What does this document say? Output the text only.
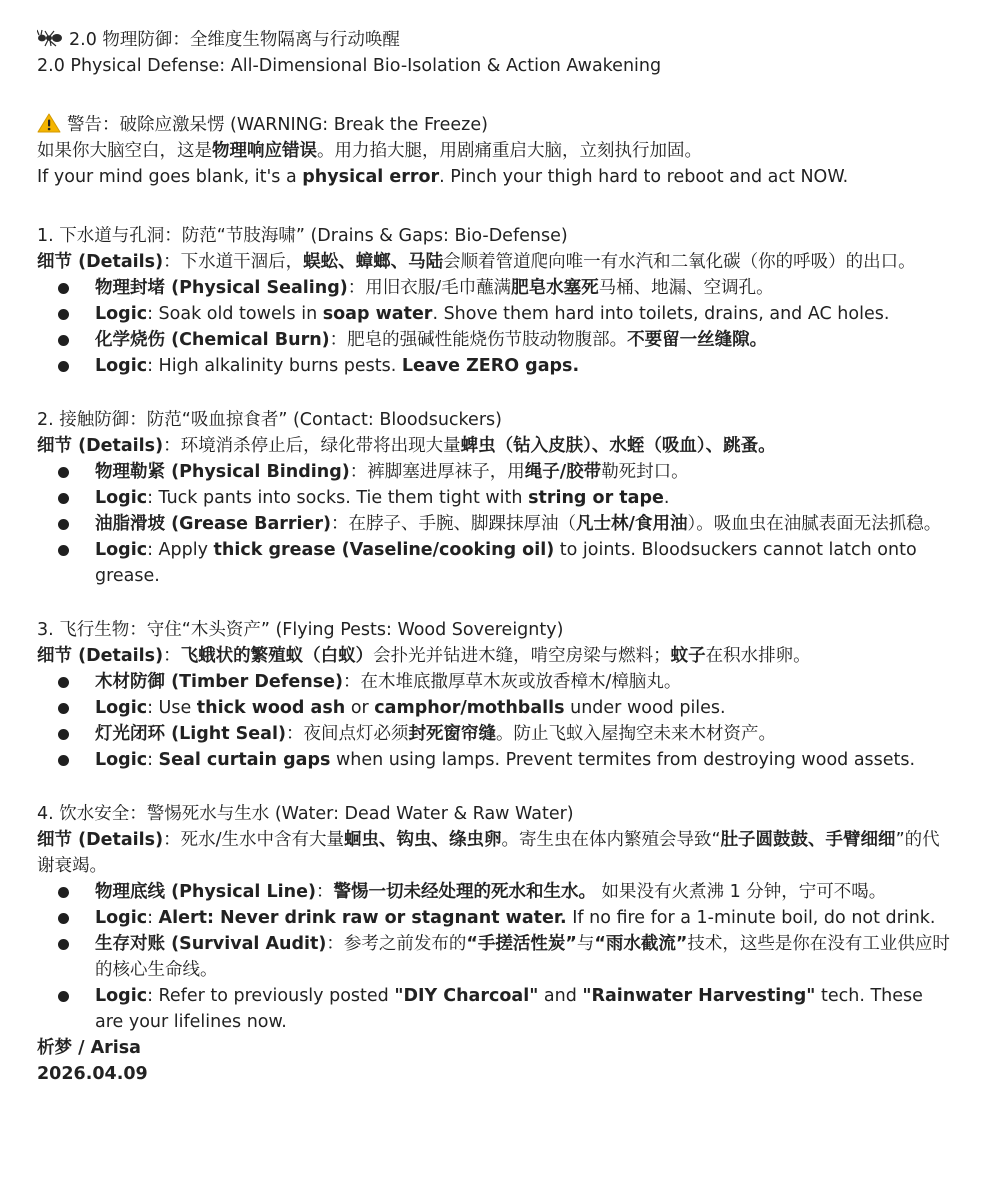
2.0 物理防御：全维度生物隔离与行动唤醒
2.0 Physical Defense: All-Dimensional Bio-Isolation & Action Awakening
警告：破除应激呆愣 (WARNING: Break the Freeze)
如果你大脑空白，这是物理响应错误。用力掐大腿，用剧痛重启大脑，立刻执行加固。
If your mind goes blank, it's a physical error. Pinch your thigh hard to reboot and act NOW.
1. 下水道与孔洞：防范“节肢海啸” (Drains & Gaps: Bio-Defense)
细节 (Details)：下水道干涸后，蜈蚣、蟑螂、马陆会顺着管道爬向唯一有水汽和二氧化碳（你的呼吸）的出口。
物理封堵 (Physical Sealing)：用旧衣服/毛巾蘸满肥皂水塞死马桶、地漏、空调孔。
Logic: Soak old towels in soap water. Shove them hard into toilets, drains, and AC holes.
化学烧伤 (Chemical Burn)：肥皂的强碱性能烧伤节肢动物腹部。不要留一丝缝隙。
Logic: High alkalinity burns pests. Leave ZERO gaps.
2. 接触防御：防范“吸血掠食者” (Contact: Bloodsuckers)
细节 (Details)：环境消杀停止后，绿化带将出现大量蜱虫（钻入皮肤）、水蛭（吸血）、跳蚤。
物理勒紧 (Physical Binding)：裤脚塞进厚袜子，用绳子/胶带勒死封口。
Logic: Tuck pants into socks. Tie them tight with string or tape.
油脂滑坡 (Grease Barrier)：在脖子、手腕、脚踝抹厚油（凡士林/食用油）。吸血虫在油腻表面无法抓稳。
Logic: Apply thick grease (Vaseline/cooking oil) to joints. Bloodsuckers cannot latch onto grease.
3. 飞行生物：守住“木头资产” (Flying Pests: Wood Sovereignty)
细节 (Details)：飞蛾状的繁殖蚁（白蚁）会扑光并钻进木缝，啃空房梁与燃料；蚊子在积水排卵。
木材防御 (Timber Defense)：在木堆底撒厚草木灰或放香樟木/樟脑丸。
Logic: Use thick wood ash or camphor/mothballs under wood piles.
灯光闭环 (Light Seal)：夜间点灯必须封死窗帘缝。防止飞蚁入屋掏空未来木材资产。
Logic: Seal curtain gaps when using lamps. Prevent termites from destroying wood assets.
4. 饮水安全：警惕死水与生水 (Water: Dead Water & Raw Water)
细节 (Details)：死水/生水中含有大量蛔虫、钩虫、绦虫卵。寄生虫在体内繁殖会导致“肚子圆鼓鼓、手臂细细”的代谢衰竭。
物理底线 (Physical Line)：警惕一切未经处理的死水和生水。 如果没有火煮沸 1 分钟，宁可不喝。
Logic: Alert: Never drink raw or stagnant water. If no fire for a 1-minute boil, do not drink.
生存对账 (Survival Audit)：参考之前发布的“手搓活性炭”与“雨水截流”技术，这些是你在没有工业供应时的核心生命线。
Logic: Refer to previously posted "DIY Charcoal" and "Rainwater Harvesting" tech. These are your lifelines now.
析梦 / Arisa
2026.04.09
